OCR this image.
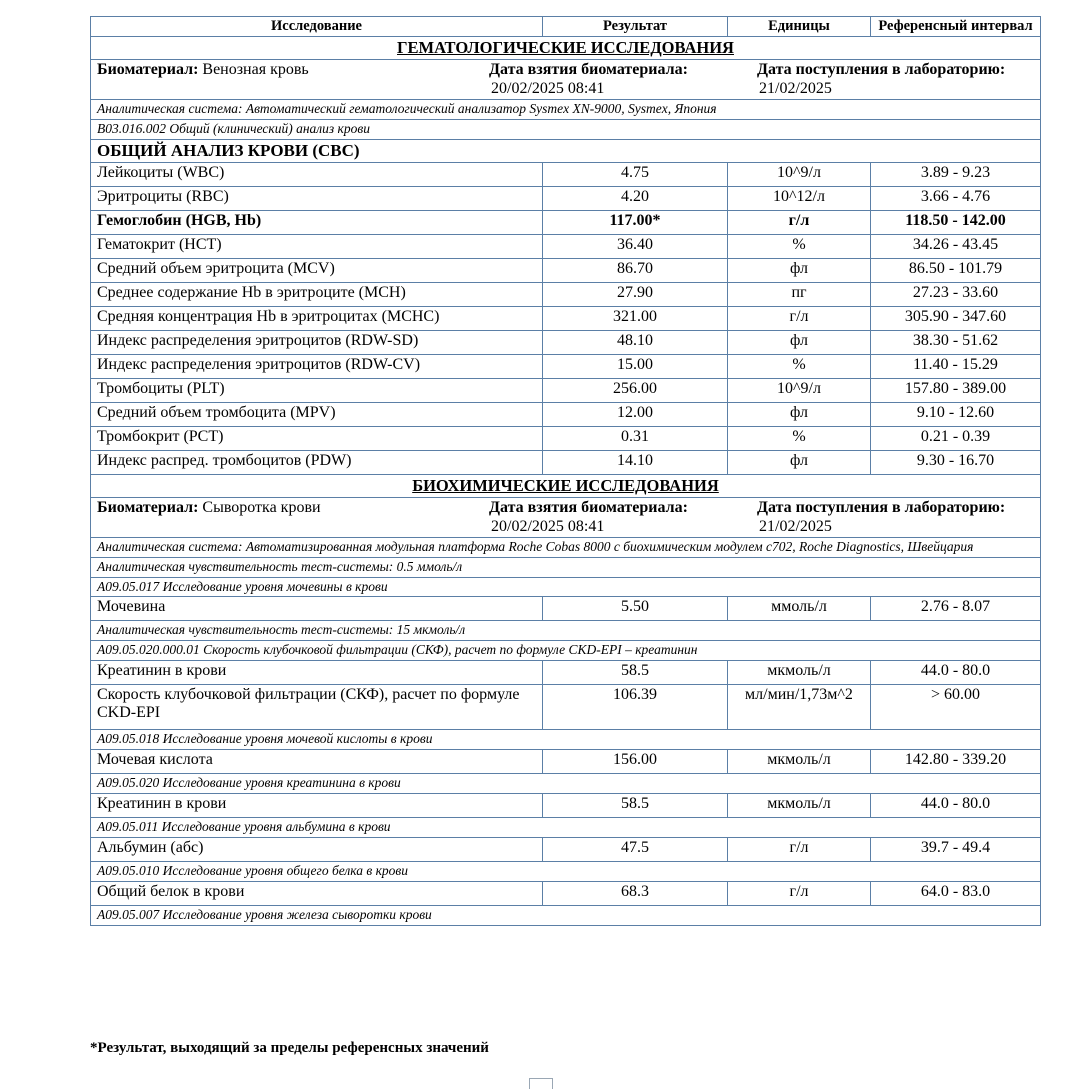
Исследование	Результат	Единицы	Референсный интервал
ГЕМАТОЛОГИЧЕСКИЕ ИССЛЕДОВАНИЯ			

Биоматериал: Венозная кровь Дата взятия биоматериала:
20/02/2025 08:41
Дата поступления в лабораторию:
21/02/2025			

Аналитическая система: Автоматический гематологический анализатор Sysmex XN-9000, Sysmex, Япония			
B03.016.002 Общий (клинический) анализ крови			
ОБЩИЙ АНАЛИЗ КРОВИ (CBC)			
Лейкоциты (WBC)	4.75	10^9/л	3.89 - 9.23
Эритроциты (RBC)	4.20	10^12/л	3.66 - 4.76
Гемоглобин (HGB, Hb)	117.00*	г/л	118.50 - 142.00
Гематокрит (HCT)	36.40	%	34.26 - 43.45
Средний объем эритроцита (MCV)	86.70	фл	86.50 - 101.79
Среднее содержание Hb в эритроците (MCH)	27.90	пг	27.23 - 33.60
Средняя концентрация Hb в эритроцитах (MCHC)	321.00	г/л	305.90 - 347.60
Индекс распределения эритроцитов (RDW-SD)	48.10	фл	38.30 - 51.62
Индекс распределения эритроцитов (RDW-CV)	15.00	%	11.40 - 15.29
Тромбоциты (PLT)	256.00	10^9/л	157.80 - 389.00
Средний объем тромбоцита (MPV)	12.00	фл	9.10 - 12.60
Тромбокрит (PCT)	0.31	%	0.21 - 0.39
Индекс распред. тромбоцитов (PDW)	14.10	фл	9.30 - 16.70
БИОХИМИЧЕСКИЕ ИССЛЕДОВАНИЯ			

Биоматериал: Сыворотка крови Дата взятия биоматериала:
20/02/2025 08:41
Дата поступления в лабораторию:
21/02/2025			

Аналитическая система: Автоматизированная модульная платформа Roche Cobas 8000 с биохимическим модулем c702, Roche Diagnostics, Швейцария			
Аналитическая чувствительность тест-системы: 0.5 ммоль/л			
A09.05.017 Исследование уровня мочевины в крови			
Мочевина	5.50	ммоль/л	2.76 - 8.07
Аналитическая чувствительность тест-системы: 15 мкмоль/л			
A09.05.020.000.01 Скорость клубочковой фильтрации (СКФ), расчет по формуле CKD-EPI – креатинин			
Креатинин в крови	58.5	мкмоль/л	44.0 - 80.0
Скорость клубочковой фильтрации (СКФ), расчет по формуле CKD-EPI	106.39	мл/мин/1,73м^2	> 60.00
A09.05.018 Исследование уровня мочевой кислоты в крови			
Мочевая кислота	156.00	мкмоль/л	142.80 - 339.20
A09.05.020 Исследование уровня креатинина в крови			
Креатинин в крови	58.5	мкмоль/л	44.0 - 80.0
A09.05.011 Исследование уровня альбумина в крови			
Альбумин (абс)	47.5	г/л	39.7 - 49.4
A09.05.010 Исследование уровня общего белка в крови			
Общий белок в крови	68.3	г/л	64.0 - 83.0
A09.05.007 Исследование уровня железа сыворотки крови			
*Результат, выходящий за пределы референсных значений
